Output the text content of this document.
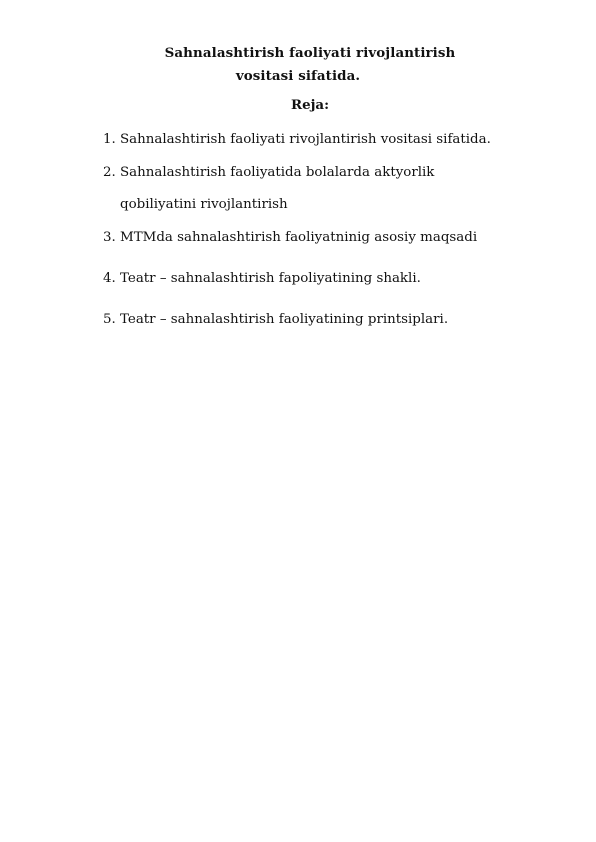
Sahnalashtirish faoliyati rivojlantirish
vositasi sifatida.
Reja:
1. Sahnalashtirish faoliyati rivojlantirish vositasi sifatida.
2. Sahnalashtirish faoliyatida bolalarda aktyorlik
qobiliyatini rivojlantirish
3. MTMda sahnalashtirish faoliyatninig asosiy maqsadi
4. Teatr – sahnalashtirish fapoliyatining shakli.
5. Teatr – sahnalashtirish faoliyatining printsiplari.
